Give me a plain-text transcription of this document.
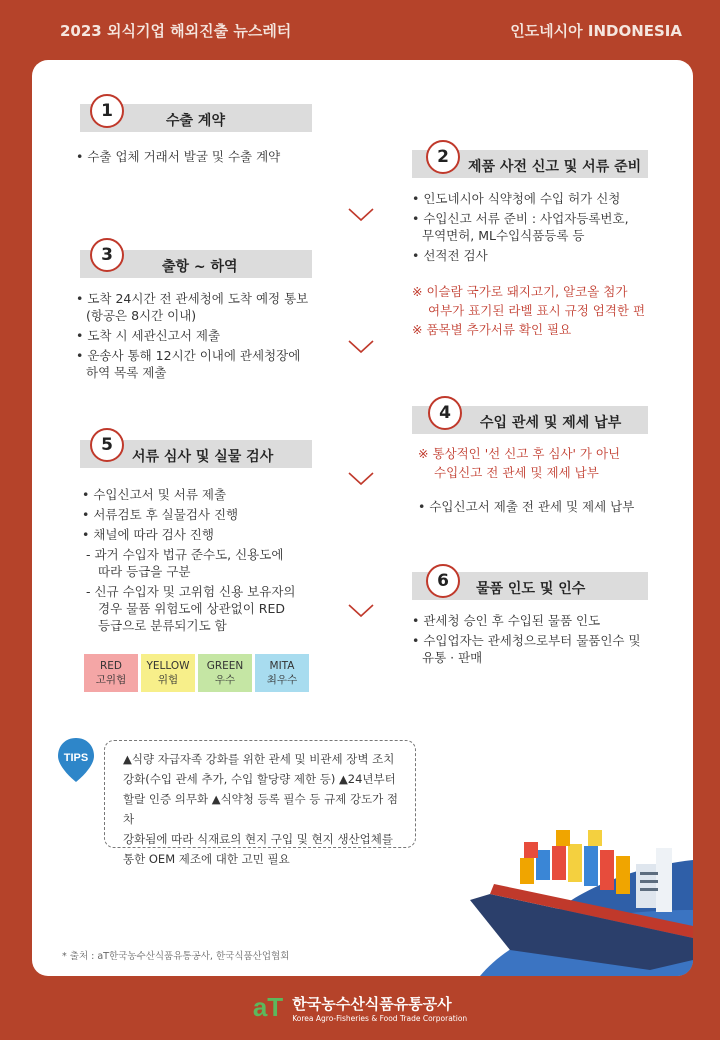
2023 외식기업 해외진출 뉴스레터	인도네시아 INDONESIA
1	수출 계약
• 수출 업체 거래서 발굴 및 수출 계약	2	제품 사전 신고 및 서류 준비
• 인도네시아 식약청에 수입 허가 신청
• 수입신고 서류 준비 : 사업자등록번호,
무역면허, ML수입식품등록 등
• 선적전 검사
※ 이슬람 국가로 돼지고기, 알코올 첨가
여부가 표기된 라벨 표시 규정 엄격한 편
※ 품목별 추가서류 확인 필요
3
출항 ~ 하역
• 도착 24시간 전 관세청에 도착 예정 통보
(항공은 8시간 이내)
• 도착 시 세관신고서 제출
• 운송사 통해 12시간 이내에 관세청장에
하역 목록 제출
4	수입 관세 및 제세 납부
※ 통상적인 '선 신고 후 심사' 가 아닌
수입신고 전 관세 및 제세 납부
• 수입신고서 제출 전 관세 및 제세 납부
5
서류 심사 및 실물 검사
• 수입신고서 및 서류 제출
• 서류검토 후 실물검사 진행
• 채널에 따라 검사 진행
- 과거 수입자 법규 준수도, 신용도에
따라 등급을 구분
- 신규 수입자 및 고위험 신용 보유자의
경우 물품 위험도에 상관없이 RED
등급으로 분류되기도 함
RED
고위험
YELLOW
위험
GREEN
우수
MITA
최우수
6	물품 인도 및 인수
• 관세청 승인 후 수입된 물품 인도
• 수입업자는 관세청으로부터 물품인수 및
유통 · 판매
TIPS	▲식량 자급자족 강화를 위한 관세 및 비관세 장벽 조치
강화(수입 관세 추가, 수입 할당량 제한 등) ▲24년부터
할랄 인증 의무화 ▲식약청 등록 필수 등 규제 강도가 점차
강화됨에 따라 식재료의 현지 구입 및 현지 생산업체를
통한 OEM 제조에 대한 고민 필요
* 출처 : aT한국농수산식품유통공사, 한국식품산업협회
aT 한국농수산식품유통공사
Korea Agro-Fisheries & Food Trade Corporation
